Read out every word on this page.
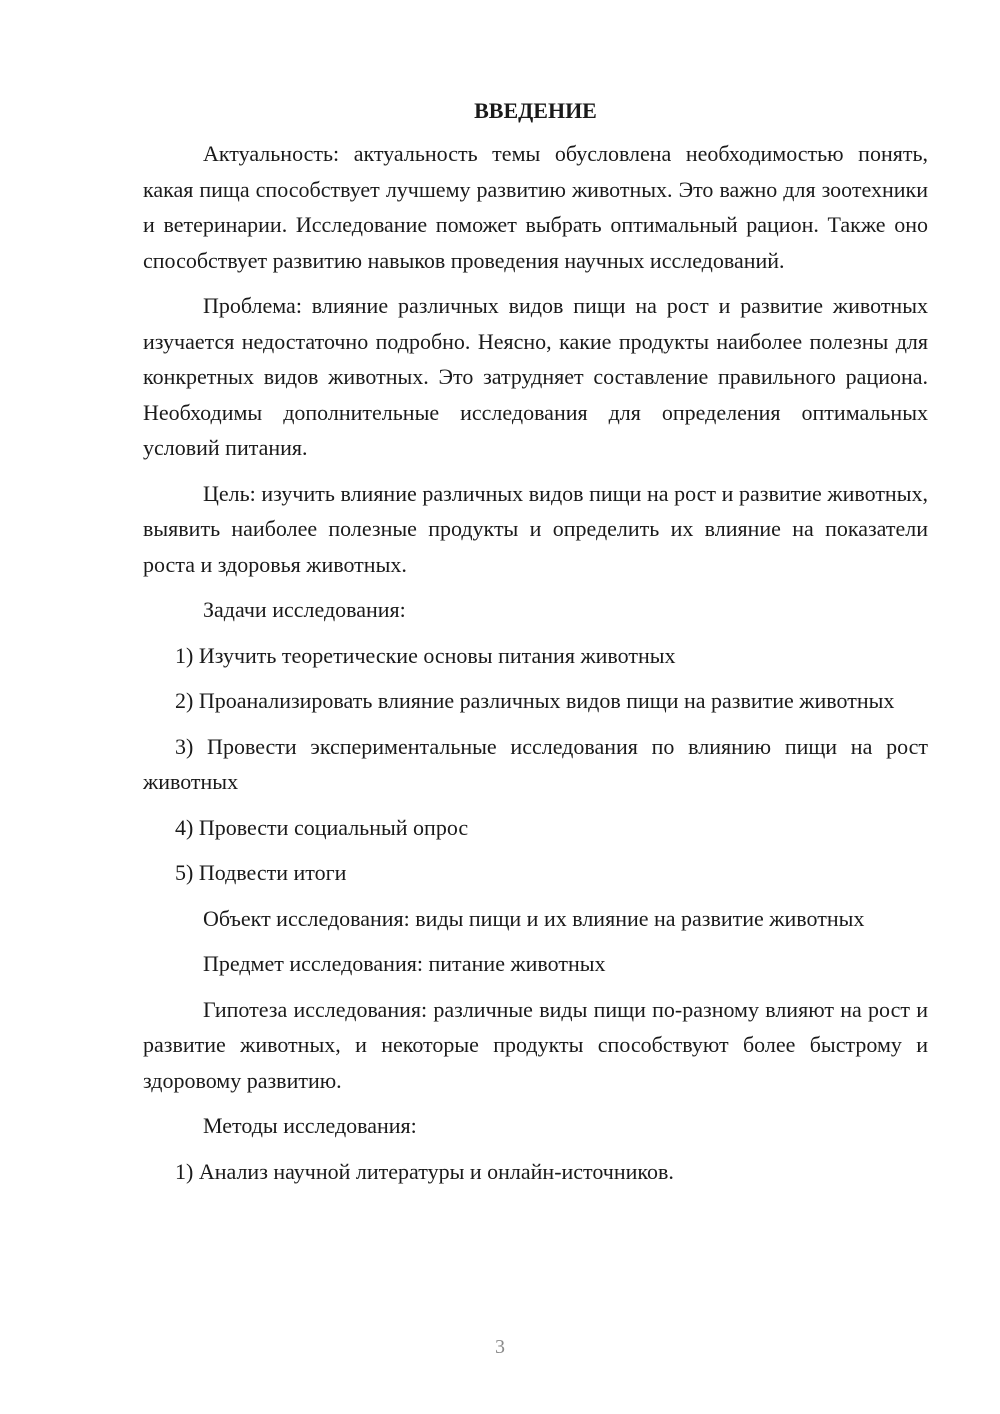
ВВЕДЕНИЕ

Актуальность: актуальность темы обусловлена необходимостью понять, какая пища способствует лучшему развитию животных. Это важно для зоотехники и ветеринарии. Исследование поможет выбрать оптимальный рацион. Также оно способствует развитию навыков проведения научных исследований.

Проблема: влияние различных видов пищи на рост и развитие животных изучается недостаточно подробно. Неясно, какие продукты наиболее полезны для конкретных видов животных. Это затрудняет составление правильного рациона. Необходимы дополнительные исследования для определения оптимальных условий питания.

Цель: изучить влияние различных видов пищи на рост и развитие животных, выявить наиболее полезные продукты и определить их влияние на показатели роста и здоровья животных.

Задачи исследования:

1) Изучить теоретические основы питания животных

2) Проанализировать влияние различных видов пищи на развитие животных

3) Провести экспериментальные исследования по влиянию пищи на рост животных

4) Провести социальный опрос

5) Подвести итоги

Объект исследования: виды пищи и их влияние на развитие животных

Предмет исследования: питание животных

Гипотеза исследования: различные виды пищи по-разному влияют на рост и развитие животных, и некоторые продукты способствуют более быстрому и здоровому развитию.

Методы исследования:

1) Анализ научной литературы и онлайн-источников.

3
